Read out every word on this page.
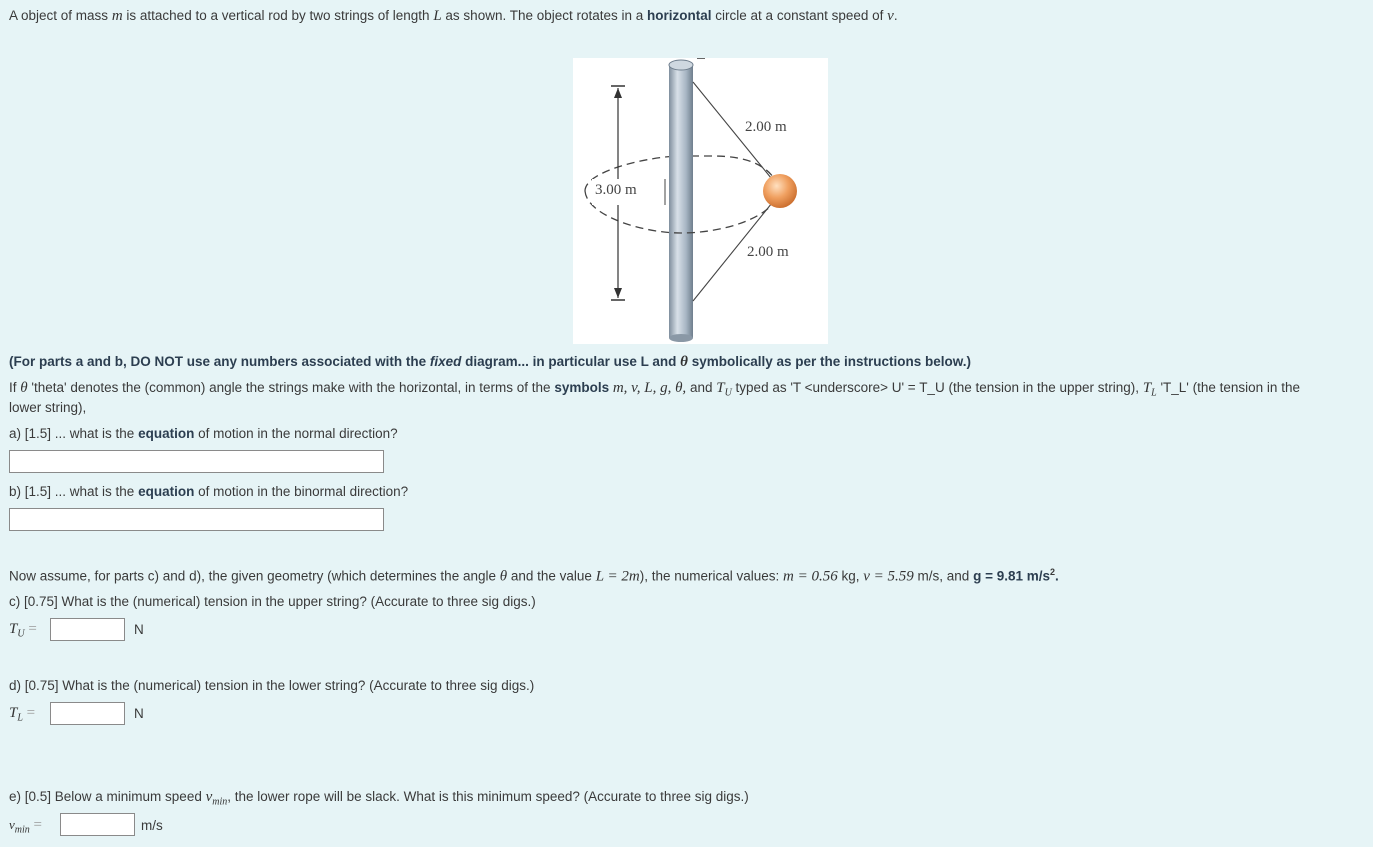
A object of mass m is attached to a vertical rod by two strings of length L as shown. The object rotates in a horizontal circle at a constant speed of v.
2.00 m
3.00 m
2.00 m
(For parts a and b, DO NOT use any numbers associated with the fixed diagram... in particular use L and θ symbolically as per the instructions below.)
If θ 'theta' denotes the (common) angle the strings make with the horizontal, in terms of the symbols m, v, L, g, θ, and $T_U$ typed as 'T <underscore> U' = T_U (the tension in the upper string), $T_L$ 'T_L' (the tension in the
lower string),
a) [1.5] ... what is the equation of motion in the normal direction?
b) [1.5] ... what is the equation of motion in the binormal direction?
Now assume, for parts c) and d), the given geometry (which determines the angle θ and the value L = 2m), the numerical values: m = 0.56 kg, v = 5.59 m/s, and g = 9.81 $m/s^2$.
c) [0.75] What is the (numerical) tension in the upper string? (Accurate to three sig digs.)
$T_U$ =	N
d) [0.75] What is the (numerical) tension in the lower string? (Accurate to three sig digs.)
$T_L$ =	N
e) [0.5] Below a minimum speed $v_{min}$, the lower rope will be slack. What is this minimum speed? (Accurate to three sig digs.)
$v_{min}$ =	m/s
